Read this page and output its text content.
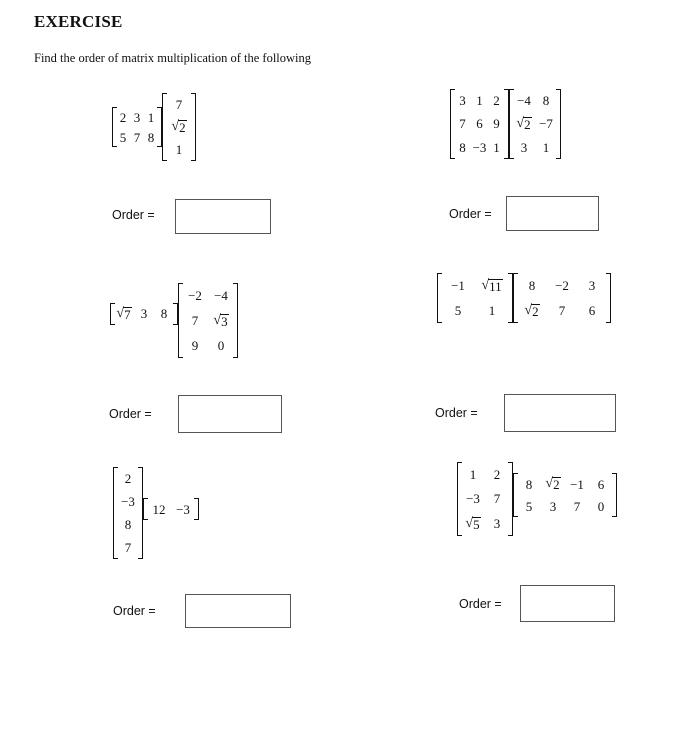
EXERCISE
Find the order of matrix multiplication of the following
2 3 1
5 7 8
7
√ 2
1
Order =
3 1 2
7 6 9
8 −3 1
−4 8
√ 2 −7
3 1
Order =
√ 7 3 8
−2 −4
7 √ 3
9 0
Order =
−1 √ 11
5 1
8 −2 3
√ 2 7 6
Order =
2
−3
8
7
12 −3
Order =
1 2
−3 7
√ 5 3
8 √ 2 −1 6
5 3 7 0
Order =
